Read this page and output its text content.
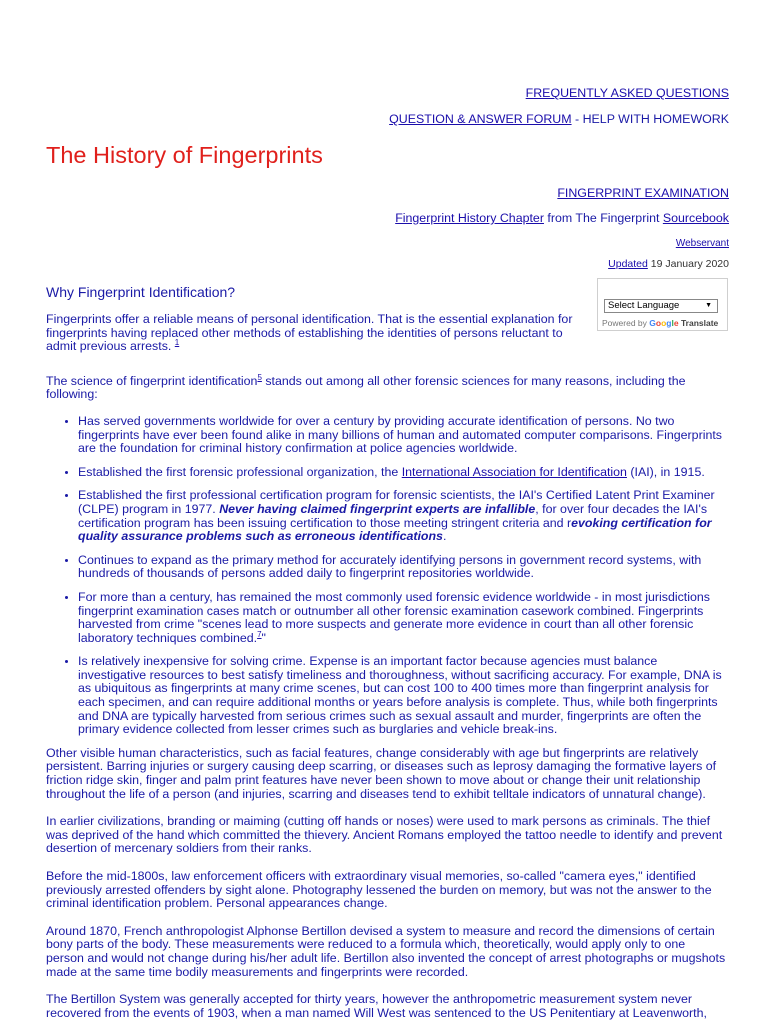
FREQUENTLY ASKED QUESTIONS
QUESTION & ANSWER FORUM - HELP WITH HOMEWORK
The History of Fingerprints
FINGERPRINT EXAMINATION
Fingerprint History Chapter from The Fingerprint Sourcebook
Webservant
Updated 19 January 2020
Why Fingerprint Identification?
Select Language	▼
Powered by Google Translate

Fingerprints offer a reliable means of personal identification. That is the essential explanation for fingerprints having replaced other methods of establishing the identities of persons reluctant to admit previous arrests. $^1$

The science of fingerprint identification$^5$ stands out among all other forensic sciences for many reasons, including the following:

• Has served governments worldwide for over a century by providing accurate identification of persons. No two fingerprints have ever been found alike in many billions of human and automated computer comparisons. Fingerprints are the foundation for criminal history confirmation at police agencies worldwide.
• Established the first forensic professional organization, the International Association for Identification (IAI), in 1915.
• Established the first professional certification program for forensic scientists, the IAI's Certified Latent Print Examiner (CLPE) program in 1977. Never having claimed fingerprint experts are infallible, for over four decades the IAI's certification program has been issuing certification to those meeting stringent criteria and revoking certification for quality assurance problems such as erroneous identifications.
• Continues to expand as the primary method for accurately identifying persons in government record systems, with hundreds of thousands of persons added daily to fingerprint repositories worldwide.
• For more than a century, has remained the most commonly used forensic evidence worldwide - in most jurisdictions fingerprint examination cases match or outnumber all other forensic examination casework combined. Fingerprints harvested from crime "scenes lead to more suspects and generate more evidence in court than all other forensic laboratory techniques combined.$^7$"
• Is relatively inexpensive for solving crime. Expense is an important factor because agencies must balance investigative resources to best satisfy timeliness and thoroughness, without sacrificing accuracy. For example, DNA is as ubiquitous as fingerprints at many crime scenes, but can cost 100 to 400 times more than fingerprint analysis for each specimen, and can require additional months or years before analysis is complete. Thus, while both fingerprints and DNA are typically harvested from serious crimes such as sexual assault and murder, fingerprints are often the primary evidence collected from lesser crimes such as burglaries and vehicle break-ins.

Other visible human characteristics, such as facial features, change considerably with age but fingerprints are relatively persistent. Barring injuries or surgery causing deep scarring, or diseases such as leprosy damaging the formative layers of friction ridge skin, finger and palm print features have never been shown to move about or change their unit relationship throughout the life of a person (and injuries, scarring and diseases tend to exhibit telltale indicators of unnatural change).

In earlier civilizations, branding or maiming (cutting off hands or noses) were used to mark persons as criminals. The thief was deprived of the hand which committed the thievery. Ancient Romans employed the tattoo needle to identify and prevent desertion of mercenary soldiers from their ranks.

Before the mid-1800s, law enforcement officers with extraordinary visual memories, so-called "camera eyes," identified previously arrested offenders by sight alone. Photography lessened the burden on memory, but was not the answer to the criminal identification problem. Personal appearances change.

Around 1870, French anthropologist Alphonse Bertillon devised a system to measure and record the dimensions of certain bony parts of the body. These measurements were reduced to a formula which, theoretically, would apply only to one person and would not change during his/her adult life. Bertillon also invented the concept of arrest photographs or mugshots made at the same time bodily measurements and fingerprints were recorded.

The Bertillon System was generally accepted for thirty years, however the anthropometric measurement system never recovered from the events of 1903, when a man named Will West was sentenced to the US Penitentiary at Leavenworth,
